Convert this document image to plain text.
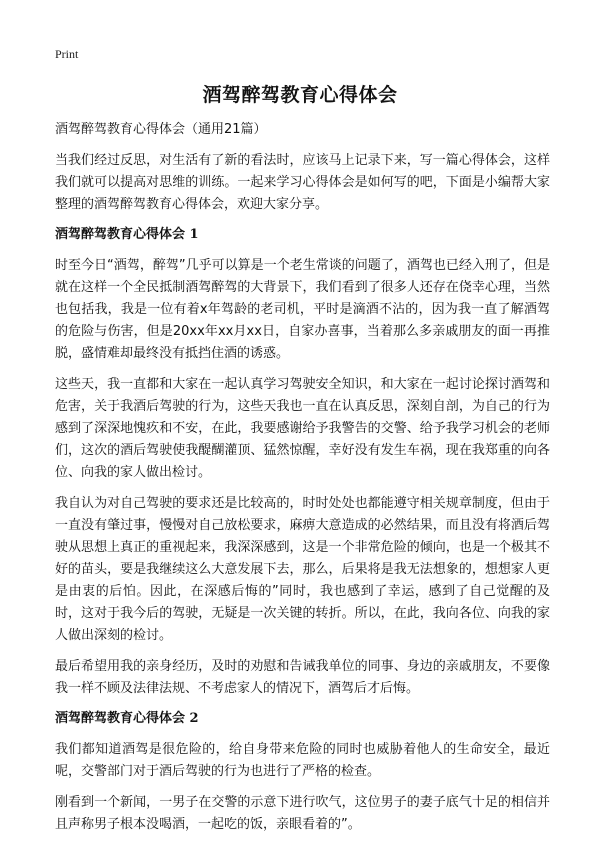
Print
酒驾醉驾教育心得体会
酒驾醉驾教育心得体会（通用21篇）

当我们经过反思，对生活有了新的看法时，应该马上记录下来，写一篇心得体会，这样我们就可以提高对思维的训练。一起来学习心得体会是如何写的吧，下面是小编帮大家整理的酒驾醉驾教育心得体会，欢迎大家分享。

酒驾醉驾教育心得体会 1

时至今日“酒驾，醉驾”几乎可以算是一个老生常谈的问题了，酒驾也已经入刑了，但是就在这样一个全民抵制酒驾醉驾的大背景下，我们看到了很多人还存在侥幸心理，当然也包括我，我是一位有着x年驾龄的老司机，平时是滴酒不沾的，因为我一直了解酒驾的危险与伤害，但是20xx年xx月xx日，自家办喜事，当着那么多亲戚朋友的面一再推脱，盛情难却最终没有抵挡住酒的诱惑。

这些天，我一直都和大家在一起认真学习驾驶安全知识，和大家在一起讨论探讨酒驾和危害，关于我酒后驾驶的行为，这些天我也一直在认真反思，深刻自剖，为自己的行为感到了深深地愧疚和不安，在此，我要感谢给予我警告的交警、给予我学习机会的老师们，这次的酒后驾驶使我醍醐灌顶、猛然惊醒，幸好没有发生车祸，现在我郑重的向各位、向我的家人做出检讨。

我自认为对自己驾驶的要求还是比较高的，时时处处也都能遵守相关规章制度，但由于一直没有肇过事，慢慢对自己放松要求，麻痹大意造成的必然结果，而且没有将酒后驾驶从思想上真正的重视起来，我深深感到，这是一个非常危险的倾向，也是一个极其不好的苗头，要是我继续这么大意发展下去，那么，后果将是我无法想象的，想想家人更是由衷的后怕。因此，在深感后悔的”同时，我也感到了幸运，感到了自己觉醒的及时，这对于我今后的驾驶，无疑是一次关键的转折。所以，在此，我向各位、向我的家人做出深刻的检讨。

最后希望用我的亲身经历，及时的劝慰和告诫我单位的同事、身边的亲戚朋友，不要像我一样不顾及法律法规、不考虑家人的情况下，酒驾后才后悔。

酒驾醉驾教育心得体会 2

我们都知道酒驾是很危险的，给自身带来危险的同时也威胁着他人的生命安全，最近呢，交警部门对于酒后驾驶的行为也进行了严格的检查。

刚看到一个新闻，一男子在交警的示意下进行吹气，这位男子的妻子底气十足的相信并且声称男子根本没喝酒，一起吃的饭，亲眼看着的”。
